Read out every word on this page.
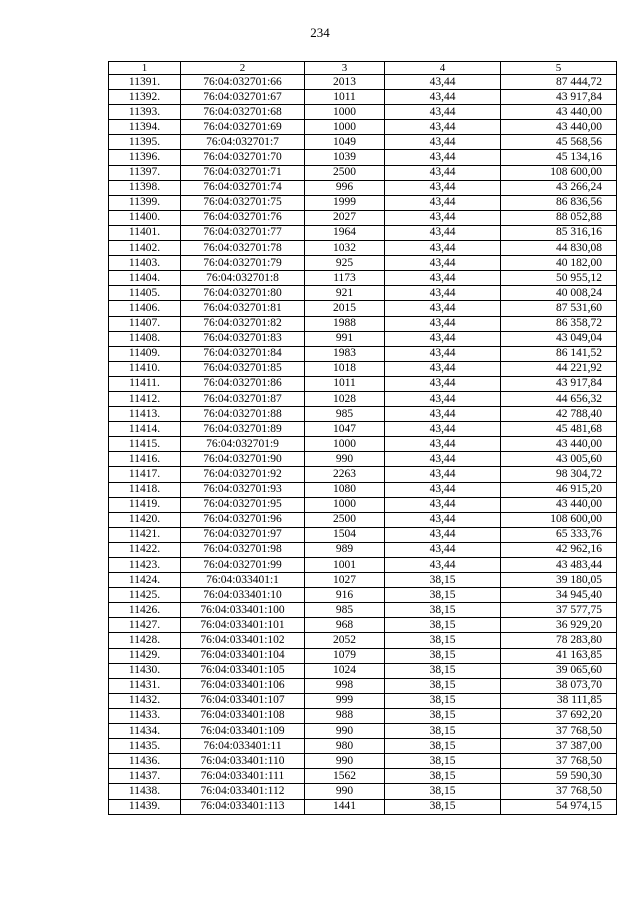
234
1	2	3	4	5
11391.	76:04:032701:66	2013	43,44	87 444,72
11392.	76:04:032701:67	1011	43,44	43 917,84
11393.	76:04:032701:68	1000	43,44	43 440,00
11394.	76:04:032701:69	1000	43,44	43 440,00
11395.	76:04:032701:7	1049	43,44	45 568,56
11396.	76:04:032701:70	1039	43,44	45 134,16
11397.	76:04:032701:71	2500	43,44	108 600,00
11398.	76:04:032701:74	996	43,44	43 266,24
11399.	76:04:032701:75	1999	43,44	86 836,56
11400.	76:04:032701:76	2027	43,44	88 052,88
11401.	76:04:032701:77	1964	43,44	85 316,16
11402.	76:04:032701:78	1032	43,44	44 830,08
11403.	76:04:032701:79	925	43,44	40 182,00
11404.	76:04:032701:8	1173	43,44	50 955,12
11405.	76:04:032701:80	921	43,44	40 008,24
11406.	76:04:032701:81	2015	43,44	87 531,60
11407.	76:04:032701:82	1988	43,44	86 358,72
11408.	76:04:032701:83	991	43,44	43 049,04
11409.	76:04:032701:84	1983	43,44	86 141,52
11410.	76:04:032701:85	1018	43,44	44 221,92
11411.	76:04:032701:86	1011	43,44	43 917,84
11412.	76:04:032701:87	1028	43,44	44 656,32
11413.	76:04:032701:88	985	43,44	42 788,40
11414.	76:04:032701:89	1047	43,44	45 481,68
11415.	76:04:032701:9	1000	43,44	43 440,00
11416.	76:04:032701:90	990	43,44	43 005,60
11417.	76:04:032701:92	2263	43,44	98 304,72
11418.	76:04:032701:93	1080	43,44	46 915,20
11419.	76:04:032701:95	1000	43,44	43 440,00
11420.	76:04:032701:96	2500	43,44	108 600,00
11421.	76:04:032701:97	1504	43,44	65 333,76
11422.	76:04:032701:98	989	43,44	42 962,16
11423.	76:04:032701:99	1001	43,44	43 483,44
11424.	76:04:033401:1	1027	38,15	39 180,05
11425.	76:04:033401:10	916	38,15	34 945,40
11426.	76:04:033401:100	985	38,15	37 577,75
11427.	76:04:033401:101	968	38,15	36 929,20
11428.	76:04:033401:102	2052	38,15	78 283,80
11429.	76:04:033401:104	1079	38,15	41 163,85
11430.	76:04:033401:105	1024	38,15	39 065,60
11431.	76:04:033401:106	998	38,15	38 073,70
11432.	76:04:033401:107	999	38,15	38 111,85
11433.	76:04:033401:108	988	38,15	37 692,20
11434.	76:04:033401:109	990	38,15	37 768,50
11435.	76:04:033401:11	980	38,15	37 387,00
11436.	76:04:033401:110	990	38,15	37 768,50
11437.	76:04:033401:111	1562	38,15	59 590,30
11438.	76:04:033401:112	990	38,15	37 768,50
11439.	76:04:033401:113	1441	38,15	54 974,15
